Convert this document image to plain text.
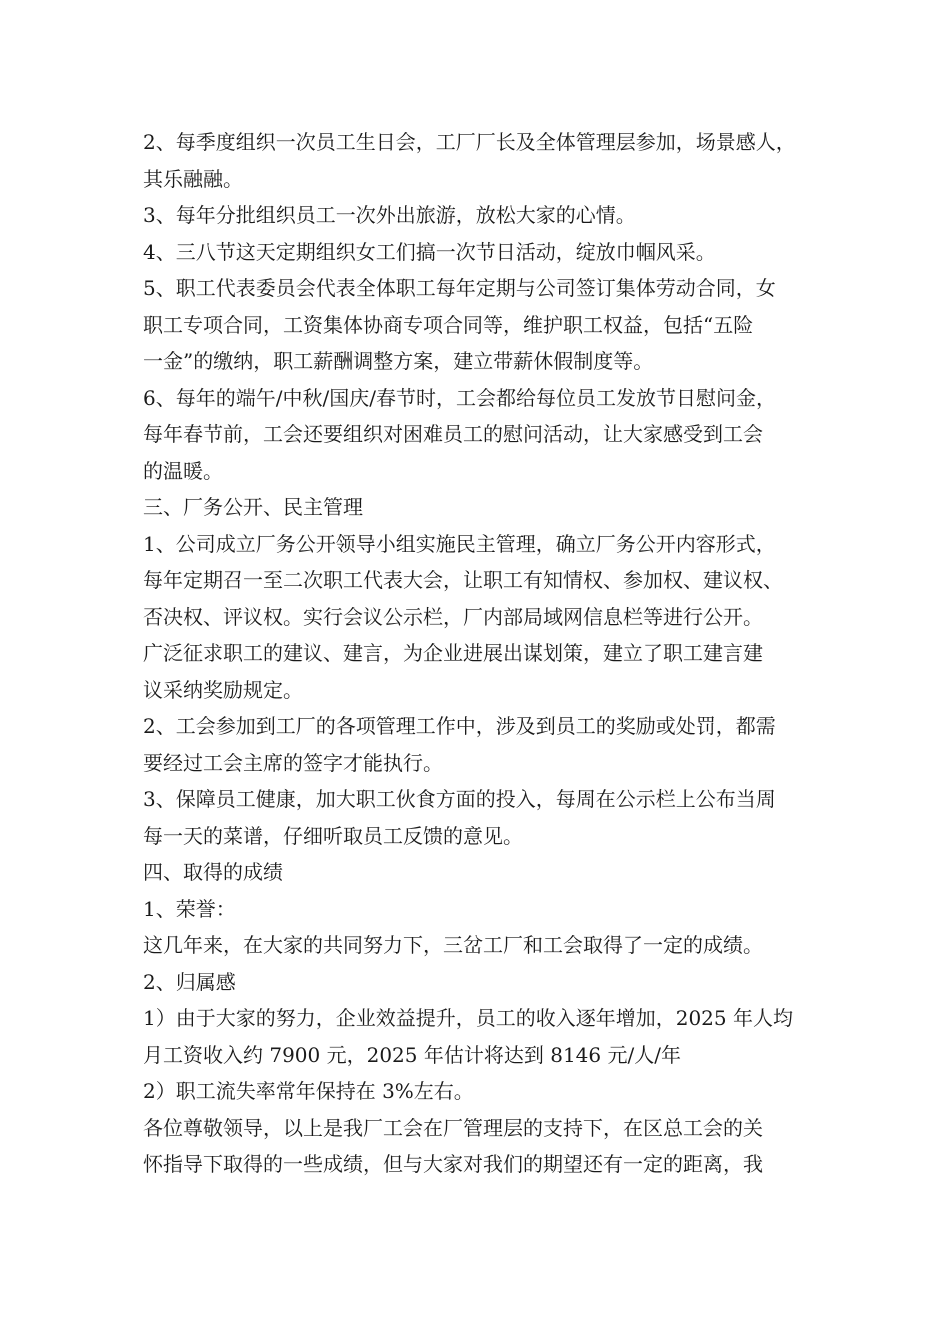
2、每季度组织一次员工生日会，工厂厂长及全体管理层参加，场景感人，
其乐融融。
3、每年分批组织员工一次外出旅游，放松大家的心情。
4、三八节这天定期组织女工们搞一次节日活动，绽放巾帼风采。
5、职工代表委员会代表全体职工每年定期与公司签订集体劳动合同，女
职工专项合同，工资集体协商专项合同等，维护职工权益，包括“五险
一金”的缴纳，职工薪酬调整方案，建立带薪休假制度等。
6、每年的端午/中秋/国庆/春节时，工会都给每位员工发放节日慰问金，
每年春节前，工会还要组织对困难员工的慰问活动，让大家感受到工会
的温暖。
三、厂务公开、民主管理
1、公司成立厂务公开领导小组实施民主管理，确立厂务公开内容形式，
每年定期召一至二次职工代表大会，让职工有知情权、参加权、建议权、
否决权、评议权。实行会议公示栏，厂内部局域网信息栏等进行公开。
广泛征求职工的建议、建言，为企业进展出谋划策，建立了职工建言建
议采纳奖励规定。
2、工会参加到工厂的各项管理工作中，涉及到员工的奖励或处罚，都需
要经过工会主席的签字才能执行。
3、保障员工健康，加大职工伙食方面的投入，每周在公示栏上公布当周
每一天的菜谱，仔细听取员工反馈的意见。
四、取得的成绩
1、荣誉：
这几年来，在大家的共同努力下，三岔工厂和工会取得了一定的成绩。
2、归属感
1）由于大家的努力，企业效益提升，员工的收入逐年增加，2025 年人均
月工资收入约 7900 元，2025 年估计将达到 8146 元/人/年
2）职工流失率常年保持在 3%左右。
各位尊敬领导，以上是我厂工会在厂管理层的支持下，在区总工会的关
怀指导下取得的一些成绩，但与大家对我们的期望还有一定的距离，我
